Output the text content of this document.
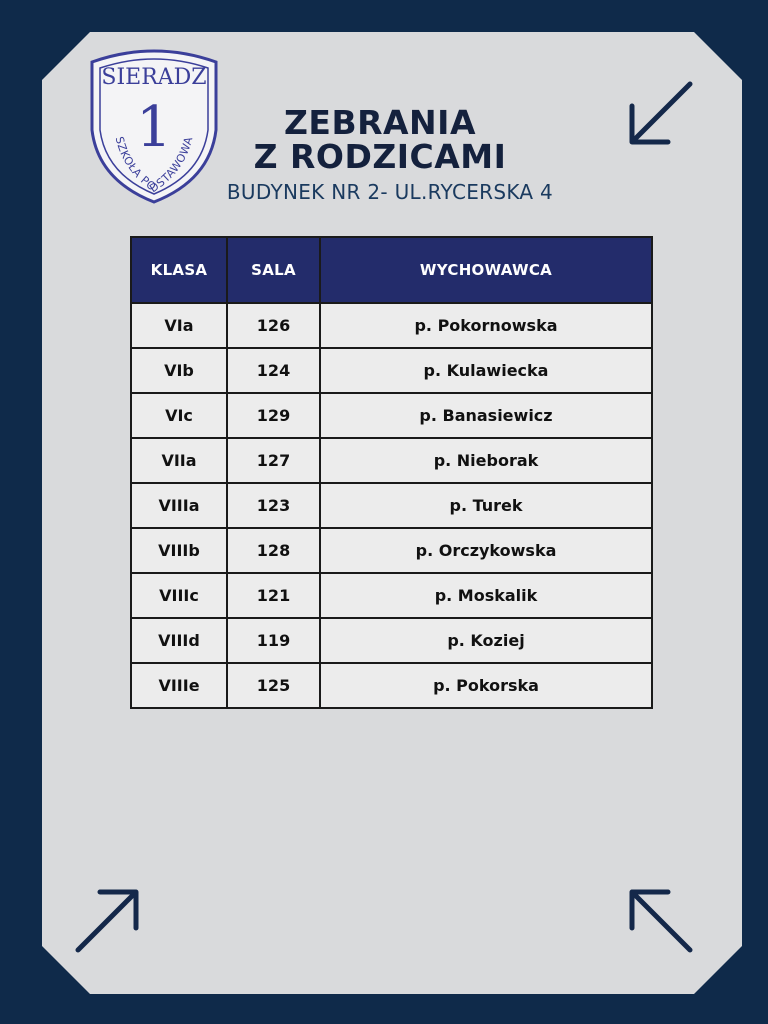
SIERADZ
1
SZKOŁA PODSTAWOWA	ZEBRANIA
Z RODZICAMI
BUDYNEK NR 2- UL.RYCERSKA 4
KLASA	SALA	WYCHOWAWCA
VIa	126	p. Pokornowska
VIb	124	p. Kulawiecka
VIc	129	p. Banasiewicz
VIIa	127	p. Nieborak
VIIIa	123	p. Turek
VIIIb	128	p. Orczykowska
VIIIc	121	p. Moskalik
VIIId	119	p. Koziej
VIIIe	125	p. Pokorska
